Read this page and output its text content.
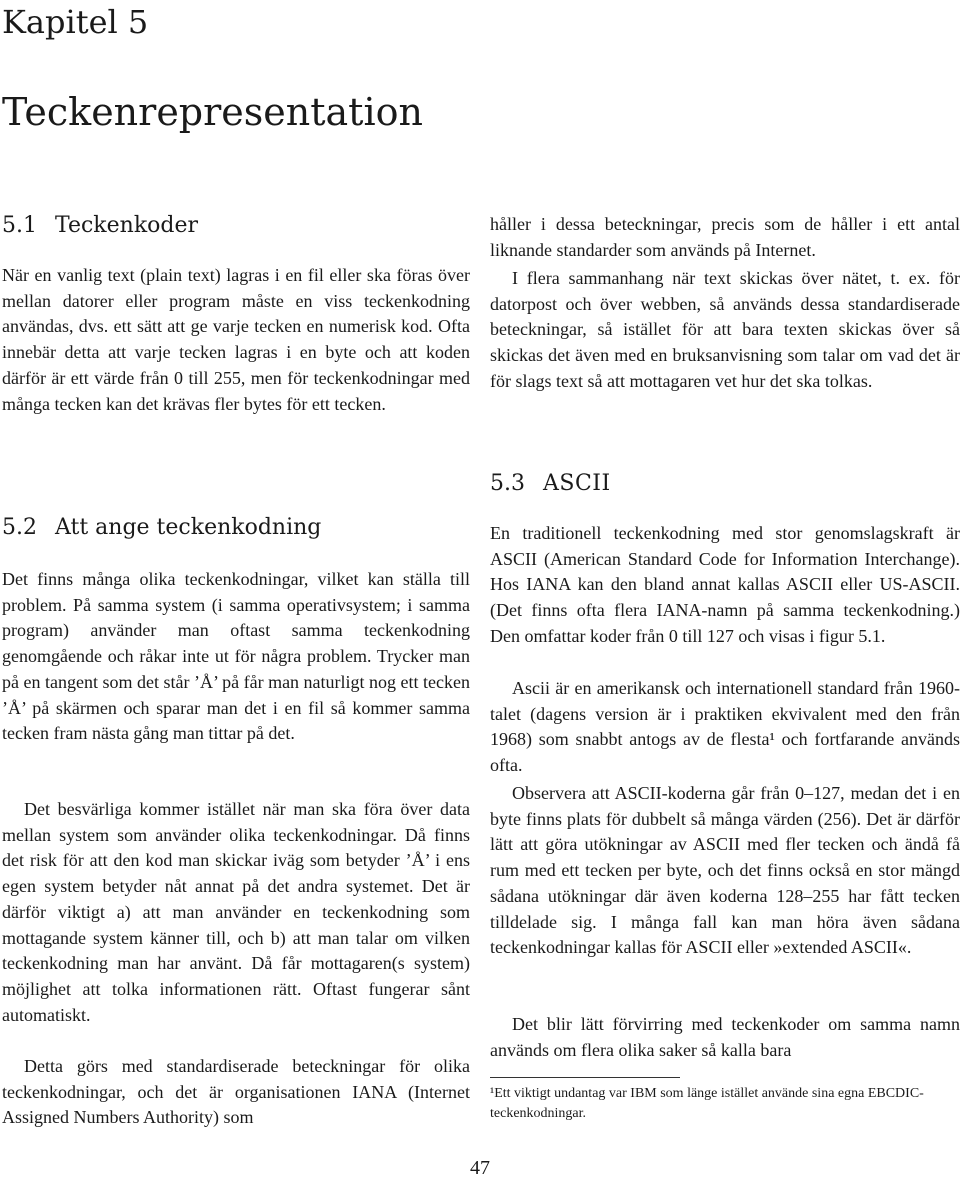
Kapitel 5
Teckenrepresentation
5.1 Teckenkoder

När en vanlig text (plain text) lagras i en fil eller ska föras över mellan datorer eller program måste en viss teckenkodning användas, dvs. ett sätt att ge varje tecken en numerisk kod. Ofta innebär detta att varje tecken lagras i en byte och att koden därför är ett värde från 0 till 255, men för teckenkodningar med många tecken kan det krävas fler bytes för ett tecken.

5.2 Att ange teckenkodning

Det finns många olika teckenkodningar, vilket kan ställa till problem. På samma system (i samma operativsystem; i samma program) använder man oftast samma teckenkodning genomgående och råkar inte ut för några problem. Trycker man på en tangent som det står ’Å’ på får man naturligt nog ett tecken ’Å’ på skärmen och sparar man det i en fil så kommer samma tecken fram nästa gång man tittar på det.

Det besvärliga kommer istället när man ska föra över data mellan system som använder olika teckenkodningar. Då finns det risk för att den kod man skickar iväg som betyder ’Å’ i ens egen system betyder nåt annat på det andra systemet. Det är därför viktigt a) att man använder en teckenkodning som mottagande system känner till, och b) att man talar om vilken teckenkodning man har använt. Då får mottagaren(s system) möjlighet att tolka informationen rätt. Oftast fungerar sånt automatiskt.

Detta görs med standardiserade beteckningar för olika teckenkodningar, och det är organisationen IANA (Internet Assigned Numbers Authority) som

håller i dessa beteckningar, precis som de håller i ett antal liknande standarder som används på Internet.

I flera sammanhang när text skickas över nätet, t. ex. för datorpost och över webben, så används dessa standardiserade beteckningar, så istället för att bara texten skickas över så skickas det även med en bruksanvisning som talar om vad det är för slags text så att mottagaren vet hur det ska tolkas.

5.3 ASCII

En traditionell teckenkodning med stor genomslagskraft är ASCII (American Standard Code for Information Interchange). Hos IANA kan den bland annat kallas ASCII eller US-ASCII. (Det finns ofta flera IANA-namn på samma teckenkodning.) Den omfattar koder från 0 till 127 och visas i figur 5.1.

Ascii är en amerikansk och internationell standard från 1960-talet (dagens version är i praktiken ekvivalent med den från 1968) som snabbt antogs av de flesta¹ och fortfarande används ofta.

Observera att ASCII-koderna går från 0–127, medan det i en byte finns plats för dubbelt så många värden (256). Det är därför lätt att göra utökningar av ASCII med fler tecken och ändå få rum med ett tecken per byte, och det finns också en stor mängd sådana utökningar där även koderna 128–255 har fått tecken tilldelade sig. I många fall kan man höra även sådana teckenkodningar kallas för ASCII eller »extended ASCII«.

Det blir lätt förvirring med teckenkoder om samma namn används om flera olika saker så kalla bara

¹Ett viktigt undantag var IBM som länge istället använde sina egna EBCDIC-teckenkodningar.

47
